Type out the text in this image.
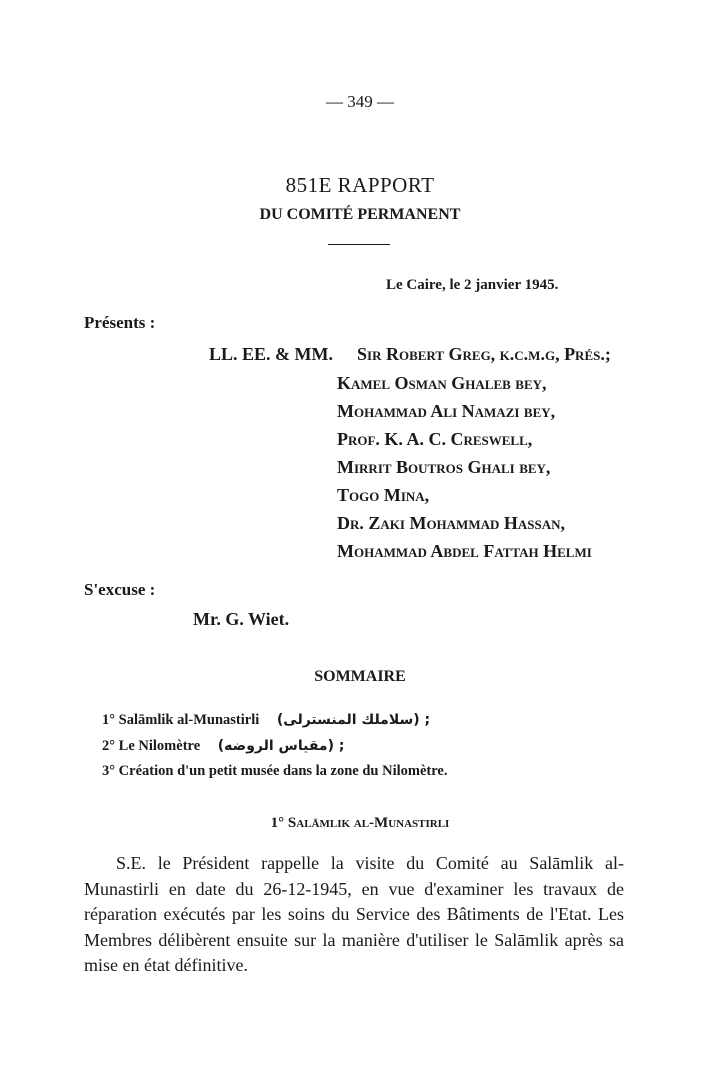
— 349 —
851E RAPPORT
DU COMITÉ PERMANENT
Le Caire, le 2 janvier 1945.
Présents :
LL. EE. & MM. Sir Robert Greg, k.c.m.g, Prés.;
Kamel Osman Ghaleb bey,
Mohammad Ali Namazi bey,
Prof. K. A. C. Creswell,
Mirrit Boutros Ghali bey,
Togo Mina,
Dr. Zaki Mohammad Hassan,
Mohammad Abdel Fattah Helmi
S'excuse :
Mr. G. Wiet.
SOMMAIRE
1° Salāmlik al-Munastirli (سلاملك المنسترلى) ;
2° Le Nilomètre (مقياس الروضه) ;
3° Création d'un petit musée dans la zone du Nilomètre.
1° Salāmlik al-Munastirli

S.E. le Président rappelle la visite du Comité au Salāmlik al-Munastirli en date du 26-12-1945, en vue d'examiner les travaux de réparation exécutés par les soins du Service des Bâtiments de l'Etat. Les Membres délibèrent ensuite sur la manière d'utiliser le Salāmlik après sa mise en état définitive.
